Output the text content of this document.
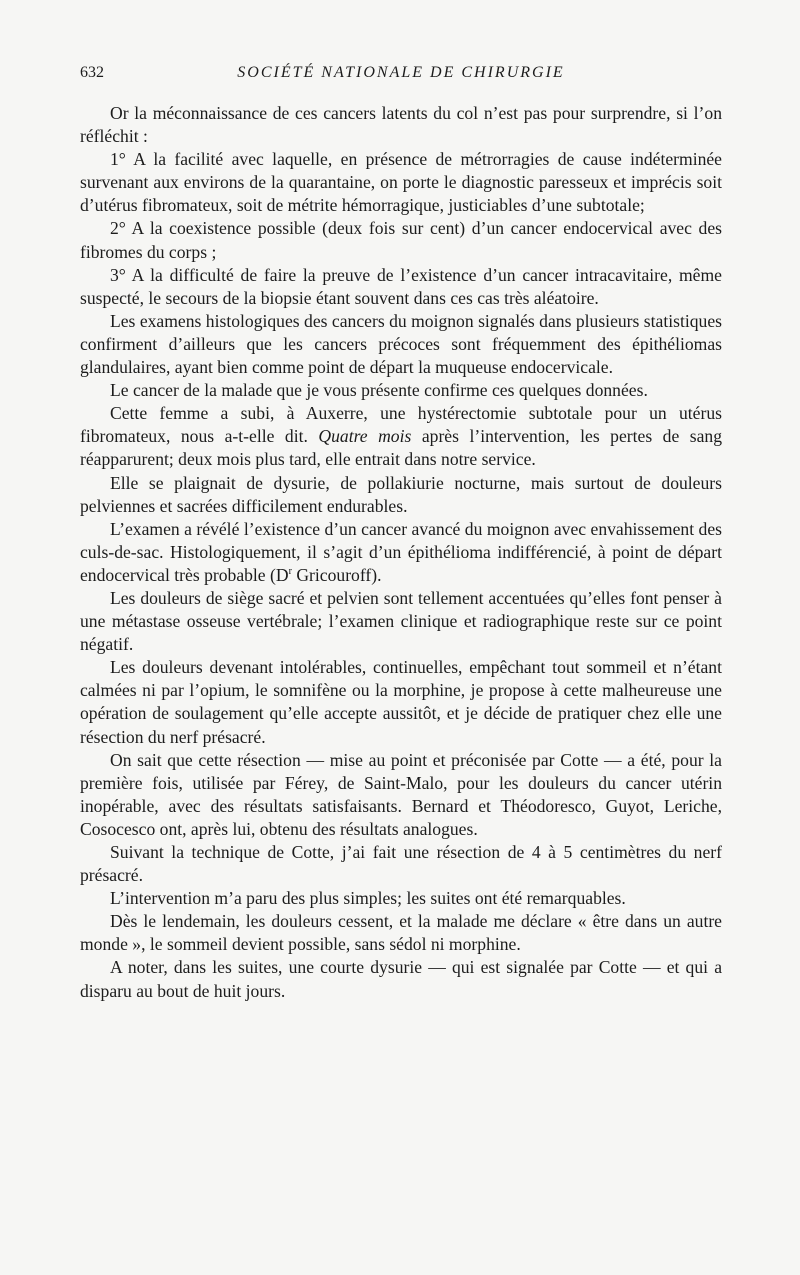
632	SOCIÉTÉ NATIONALE DE CHIRURGIE

Or la méconnaissance de ces cancers latents du col n’est pas pour surprendre, si l’on réfléchit :

1° A la facilité avec laquelle, en présence de métrorragies de cause indéterminée survenant aux environs de la quarantaine, on porte le diagnostic paresseux et imprécis soit d’utérus fibromateux, soit de métrite hémorragique, justiciables d’une subtotale;

2° A la coexistence possible (deux fois sur cent) d’un cancer endocervical avec des fibromes du corps ;

3° A la difficulté de faire la preuve de l’existence d’un cancer intracavitaire, même suspecté, le secours de la biopsie étant souvent dans ces cas très aléatoire.

Les examens histologiques des cancers du moignon signalés dans plusieurs statistiques confirment d’ailleurs que les cancers précoces sont fréquemment des épithéliomas glandulaires, ayant bien comme point de départ la muqueuse endocervicale.

Le cancer de la malade que je vous présente confirme ces quelques données.

Cette femme a subi, à Auxerre, une hystérectomie subtotale pour un utérus fibromateux, nous a-t-elle dit. Quatre mois après l’intervention, les pertes de sang réapparurent; deux mois plus tard, elle entrait dans notre service.

Elle se plaignait de dysurie, de pollakiurie nocturne, mais surtout de douleurs pelviennes et sacrées difficilement endurables.

L’examen a révélé l’existence d’un cancer avancé du moignon avec envahissement des culs-de-sac. Histologiquement, il s’agit d’un épithélioma indifférencié, à point de départ endocervical très probable ($D^r$ Gricouroff).

Les douleurs de siège sacré et pelvien sont tellement accentuées qu’elles font penser à une métastase osseuse vertébrale; l’examen clinique et radiographique reste sur ce point négatif.

Les douleurs devenant intolérables, continuelles, empêchant tout sommeil et n’étant calmées ni par l’opium, le somnifène ou la morphine, je propose à cette malheureuse une opération de soulagement qu’elle accepte aussitôt, et je décide de pratiquer chez elle une résection du nerf présacré.

On sait que cette résection — mise au point et préconisée par Cotte — a été, pour la première fois, utilisée par Férey, de Saint-Malo, pour les douleurs du cancer utérin inopérable, avec des résultats satisfaisants. Bernard et Théodoresco, Guyot, Leriche, Cosocesco ont, après lui, obtenu des résultats analogues.

Suivant la technique de Cotte, j’ai fait une résection de 4 à 5 centimètres du nerf présacré.

L’intervention m’a paru des plus simples; les suites ont été remarquables.

Dès le lendemain, les douleurs cessent, et la malade me déclare « être dans un autre monde », le sommeil devient possible, sans sédol ni morphine.

A noter, dans les suites, une courte dysurie — qui est signalée par Cotte — et qui a disparu au bout de huit jours.
